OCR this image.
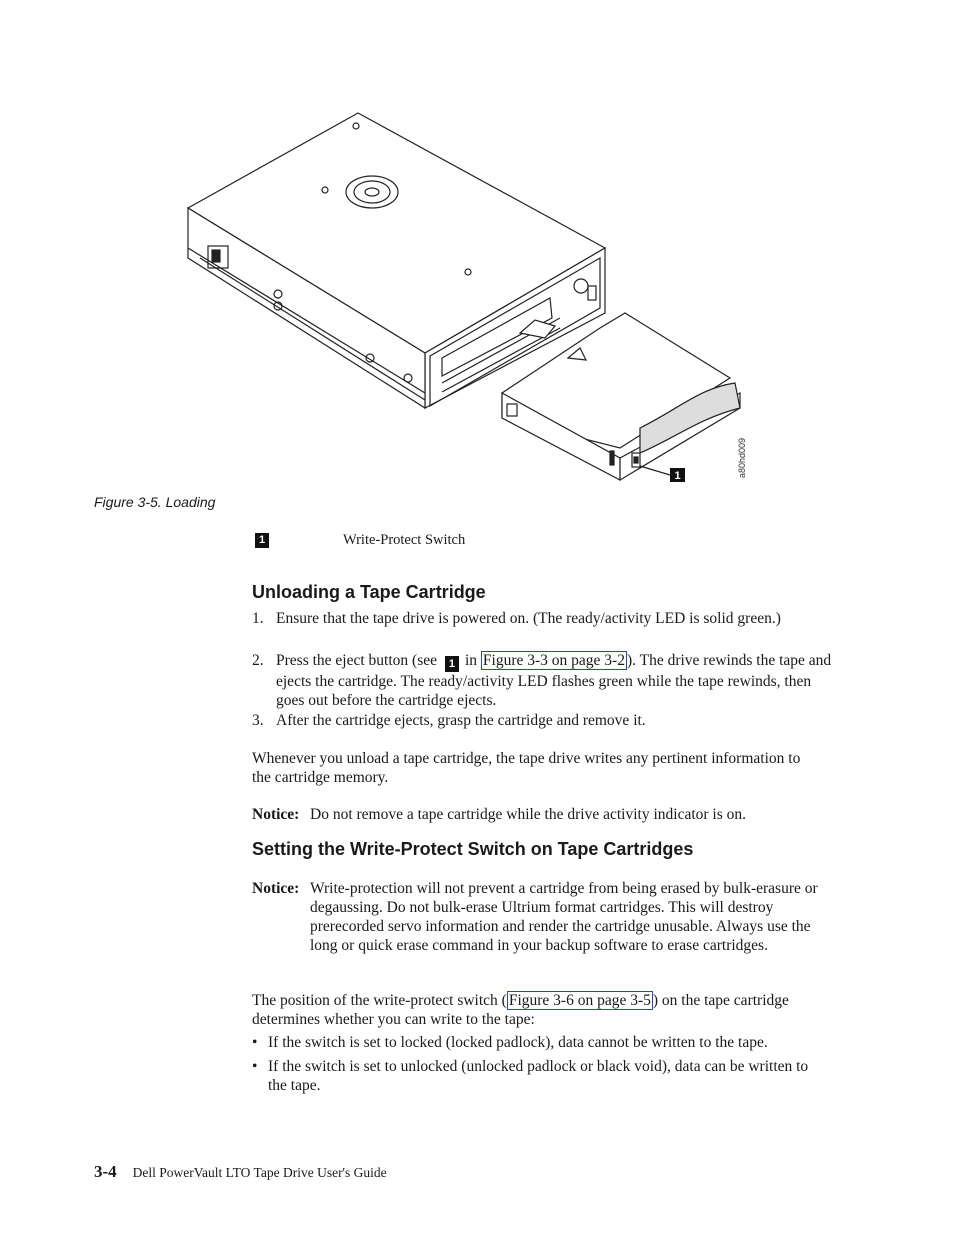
1	a80hd009
Figure 3-5. Loading
1	Write-Protect Switch
Unloading a Tape Cartridge
1. Ensure that the tape drive is powered on. (The ready/activity LED is solid green.)
2. Press the eject button (see 1 in Figure 3-3 on page 3-2 ). The drive rewinds the tape and ejects the cartridge. The ready/activity LED flashes green while the tape rewinds, then goes out before the cartridge ejects.
3. After the cartridge ejects, grasp the cartridge and remove it.
Whenever you unload a tape cartridge, the tape drive writes any pertinent information to the cartridge memory.
Notice: Do not remove a tape cartridge while the drive activity indicator is on.
Setting the Write-Protect Switch on Tape Cartridges
Notice: Write-protection will not prevent a cartridge from being erased by bulk-erasure or degaussing. Do not bulk-erase Ultrium format cartridges. This will destroy prerecorded servo information and render the cartridge unusable. Always use the long or quick erase command in your backup software to erase cartridges.
The position of the write-protect switch ( Figure 3-6 on page 3-5 ) on the tape cartridge determines whether you can write to the tape:
• If the switch is set to locked (locked padlock), data cannot be written to the tape.
• If the switch is set to unlocked (unlocked padlock or black void), data can be written to the tape.
3-4 Dell PowerVault LTO Tape Drive User's Guide
